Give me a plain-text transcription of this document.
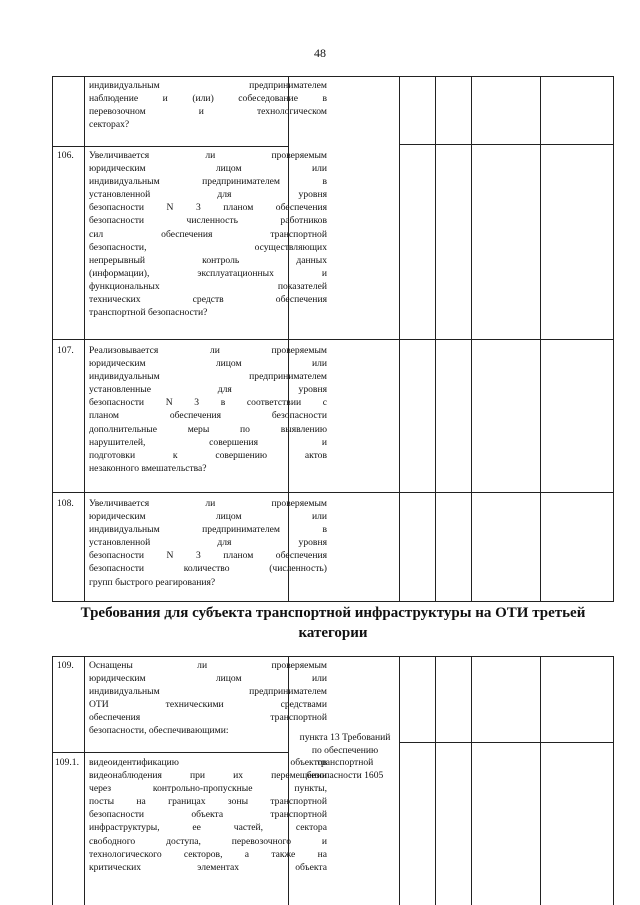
48
индивидуальным предпринимателем
наблюдение и (или) собеседование в
перевозочном и технологическом
секторах?
106. Увеличивается ли проверяемым
юридическим лицом или
индивидуальным предпринимателем в
установленной для уровня
безопасности N 3 планом обеспечения
безопасности численность работников
сил обеспечения транспортной
безопасности, осуществляющих
непрерывный контроль данных
(информации), эксплуатационных и
функциональных показателей
технических средств обеспечения
транспортной безопасности?
107. Реализовывается ли проверяемым
юридическим лицом или
индивидуальным предпринимателем
установленные для уровня
безопасности N 3 в соответствии с
планом обеспечения безопасности
дополнительные меры по выявлению
нарушителей, совершения и
подготовки к совершению актов
незаконного вмешательства?
108. Увеличивается ли проверяемым
юридическим лицом или
индивидуальным предпринимателем в
установленной для уровня
безопасности N 3 планом обеспечения
безопасности количество (численность)
групп быстрого реагирования?
Требования для субъекта транспортной инфраструктуры на ОТИ третьей
категории
109. Оснащены ли проверяемым
юридическим лицом или
индивидуальным предпринимателем
ОТИ техническими средствами
обеспечения транспортной
безопасности, обеспечивающими:
пункта 13 Требований
по обеспечению
транспортной
безопасности 1605
109.1. видеоидентификацию объектов
видеонаблюдения при их перемещении
через контрольно-пропускные пункты,
посты на границах зоны транспортной
безопасности объекта транспортной
инфраструктуры, ее частей, сектора
свободного доступа, перевозочного и
технологического секторов, а также на
критических элементах объекта
